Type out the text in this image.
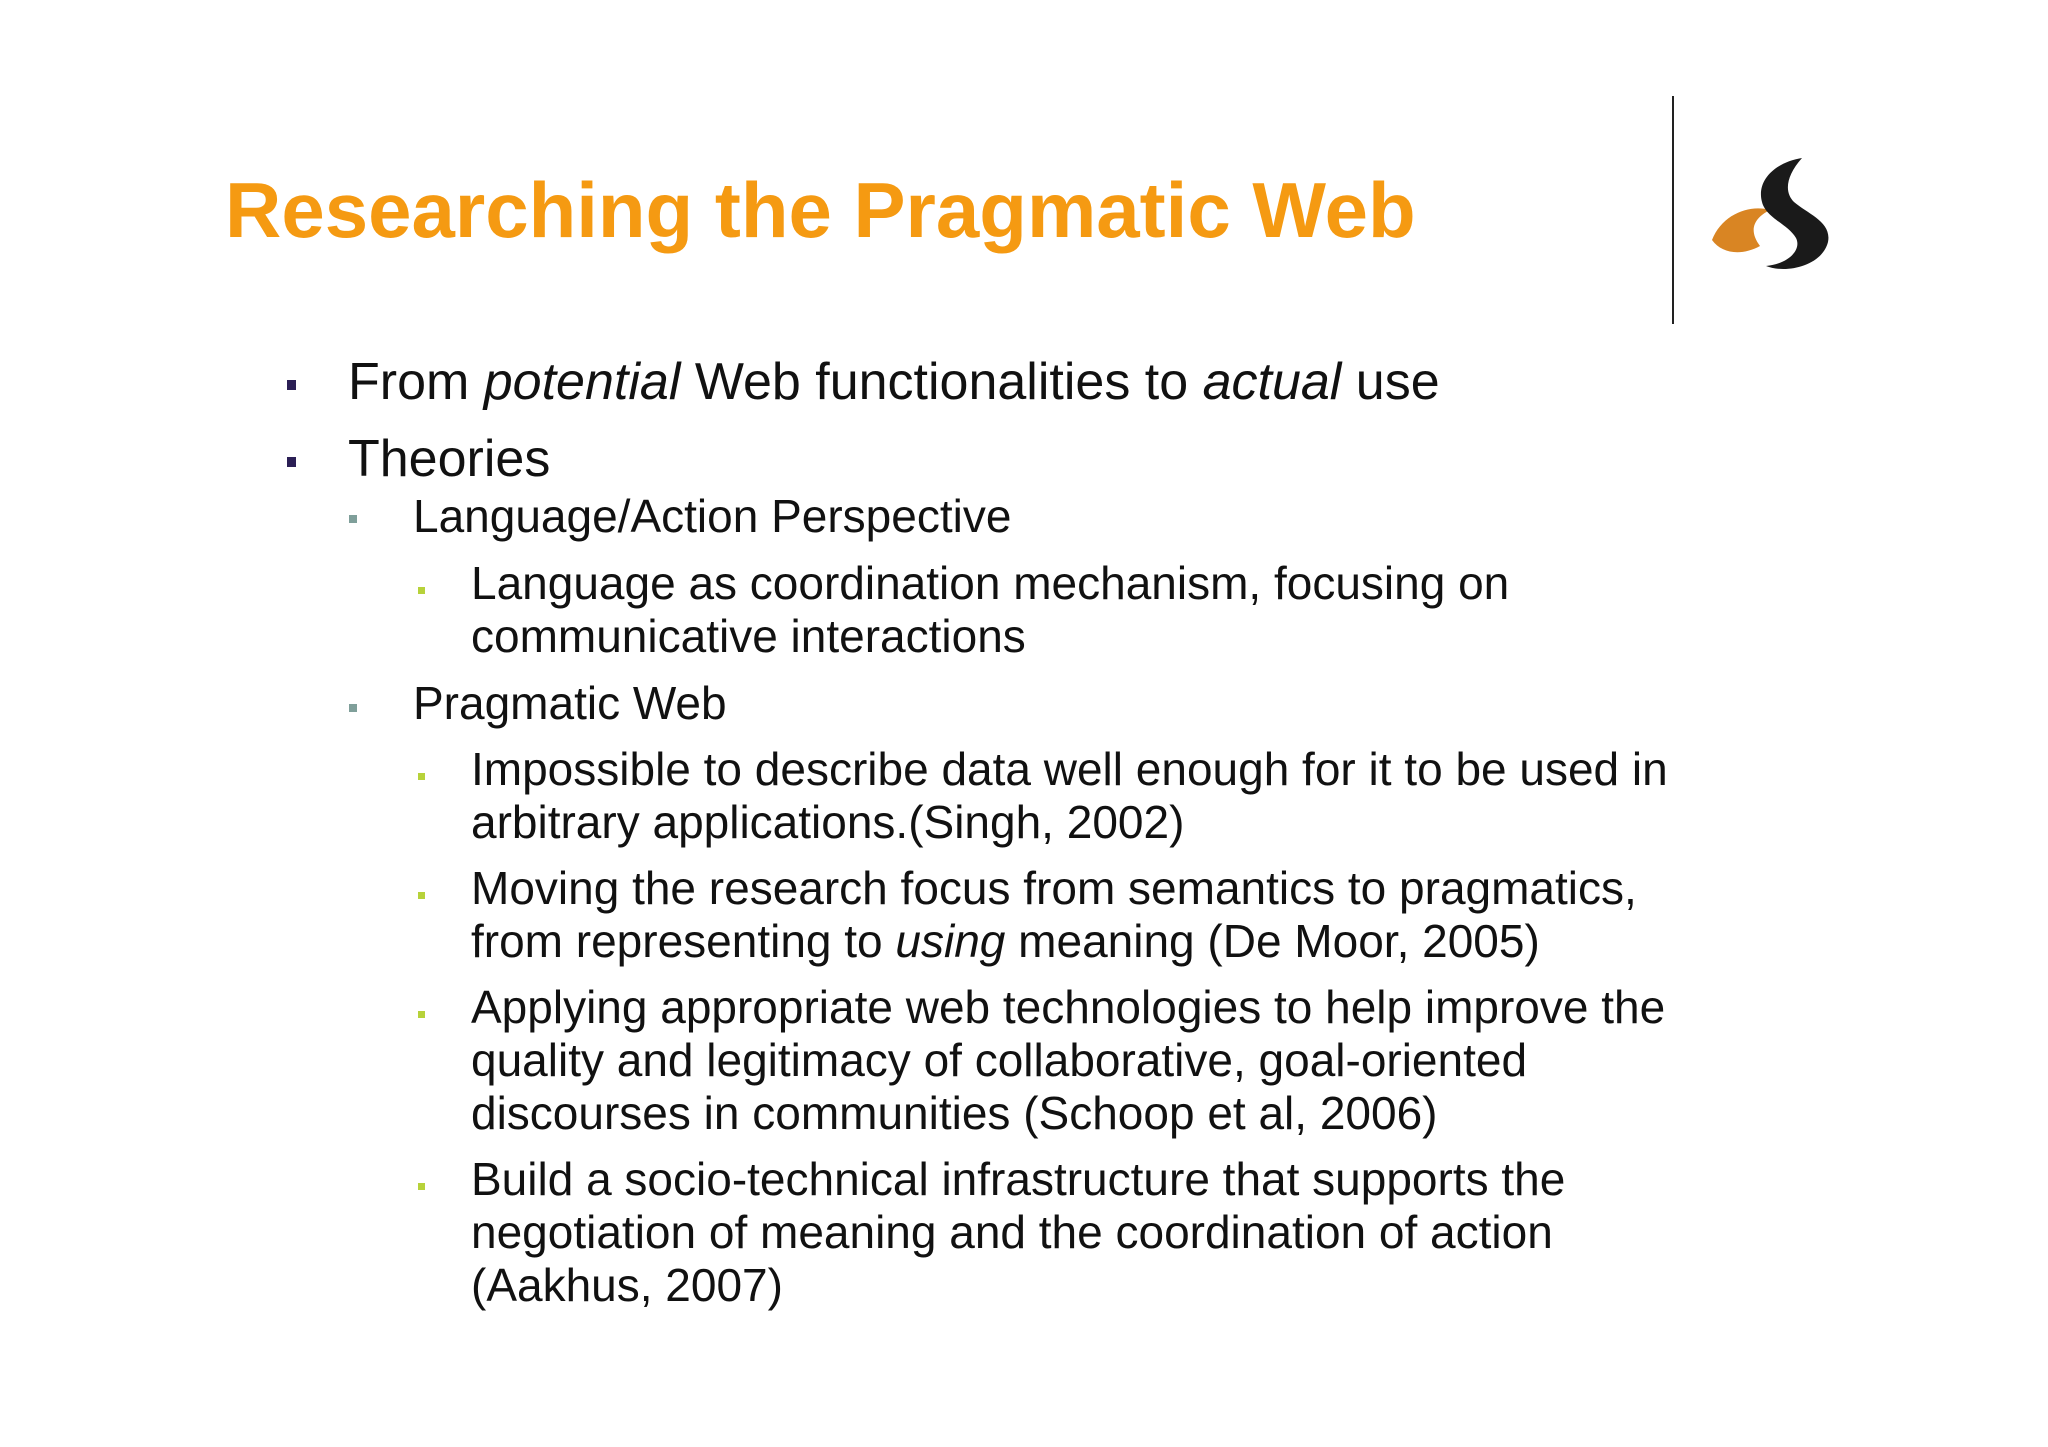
Researching the Pragmatic Web
From potential Web functionalities to actual use
Theories
Language/Action Perspective
Language as coordination mechanism, focusing on
communicative interactions
Pragmatic Web
Impossible to describe data well enough for it to be used in
arbitrary applications.(Singh, 2002)
Moving the research focus from semantics to pragmatics,
from representing to using meaning (De Moor, 2005)
Applying appropriate web technologies to help improve the
quality and legitimacy of collaborative, goal-oriented
discourses in communities (Schoop et al, 2006)
Build a socio-technical infrastructure that supports the
negotiation of meaning and the coordination of action
(Aakhus, 2007)
